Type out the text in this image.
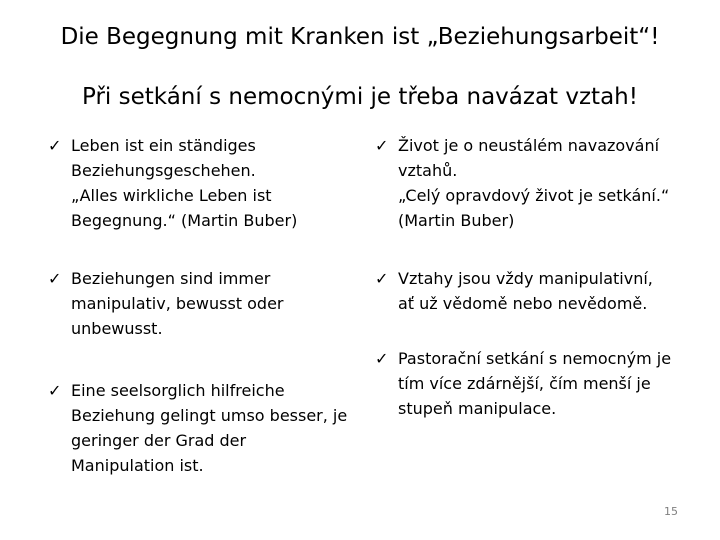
Die Begegnung mit Kranken ist „Beziehungsarbeit“!
Při setkání s nemocnými je třeba navázat vztah!
✓ Leben ist ein ständiges
Beziehungsgeschehen.
„Alles wirkliche Leben ist
Begegnung.“ (Martin Buber)
✓ Beziehungen sind immer
manipulativ, bewusst oder
unbewusst.
✓ Eine seelsorglich hilfreiche
Beziehung gelingt umso besser, je
geringer der Grad der
Manipulation ist.
✓ Život je o neustálém navazování
vztahů.
„Celý opravdový život je setkání.“
(Martin Buber)
✓ Vztahy jsou vždy manipulativní,
ať už vědomě nebo nevědomě.
✓ Pastorační setkání s nemocným je
tím více zdárnější, čím menší je
stupeň manipulace.
15
